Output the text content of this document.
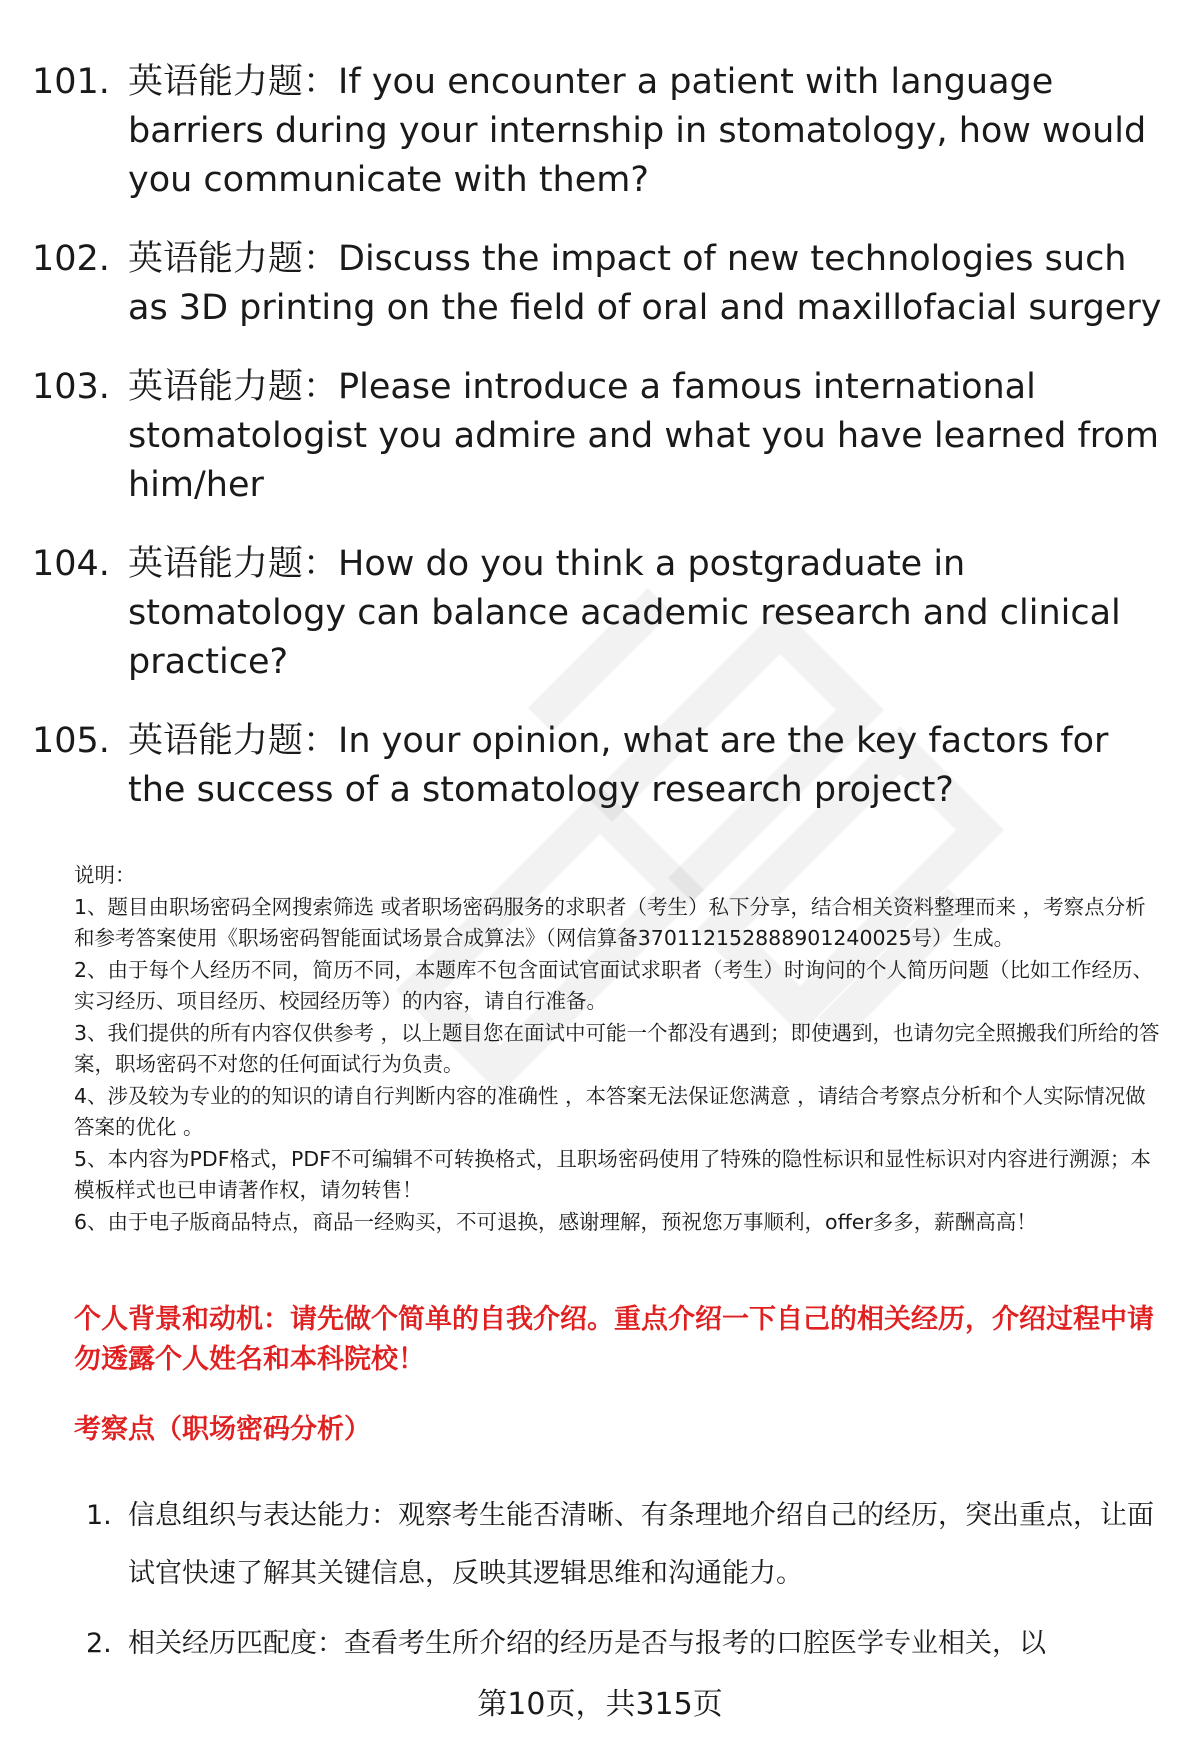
101. 英语能力题：If you encounter a patient with language barriers during your internship in stomatology, how would you communicate with them?
102. 英语能力题：Discuss the impact of new technologies such as 3D printing on the field of oral and maxillofacial surgery
103. 英语能力题：Please introduce a famous international stomatologist you admire and what you have learned from him/her
104. 英语能力题：How do you think a postgraduate in stomatology can balance academic research and clinical practice?
105. 英语能力题：In your opinion, what are the key factors for the success of a stomatology research project?

说明：

1、题目由职场密码全网搜索筛选 或者职场密码服务的求职者（考生）私下分享，结合相关资料整理而来 ，考察点分析和参考答案使用《职场密码智能面试场景合成算法》（网信算备370112152888901240025号）生成。

2、由于每个人经历不同，简历不同，本题库不包含面试官面试求职者（考生）时询问的个人简历问题（比如工作经历、实习经历、项目经历、校园经历等）的内容，请自行准备。

3、我们提供的所有内容仅供参考 ，以上题目您在面试中可能一个都没有遇到；即使遇到，也请勿完全照搬我们所给的答案，职场密码不对您的任何面试行为负责。

4、涉及较为专业的的知识的请自行判断内容的准确性 ，本答案无法保证您满意 ，请结合考察点分析和个人实际情况做答案的优化 。

5、本内容为PDF格式，PDF不可编辑不可转换格式，且职场密码使用了特殊的隐性标识和显性标识对内容进行溯源；本模板样式也已申请著作权，请勿转售！

6、由于电子版商品特点，商品一经购买，不可退换，感谢理解，预祝您万事顺利，offer多多，薪酬高高！

个人背景和动机：请先做个简单的自我介绍。重点介绍一下自己的相关经历，介绍过程中请勿透露个人姓名和本科院校！
考察点（职场密码分析）
1. 信息组织与表达能力：观察考生能否清晰、有条理地介绍自己的经历，突出重点，让面试官快速了解其关键信息，反映其逻辑思维和沟通能力。
2. 相关经历匹配度：查看考生所介绍的经历是否与报考的口腔医学专业相关，以
第10页，共315页
